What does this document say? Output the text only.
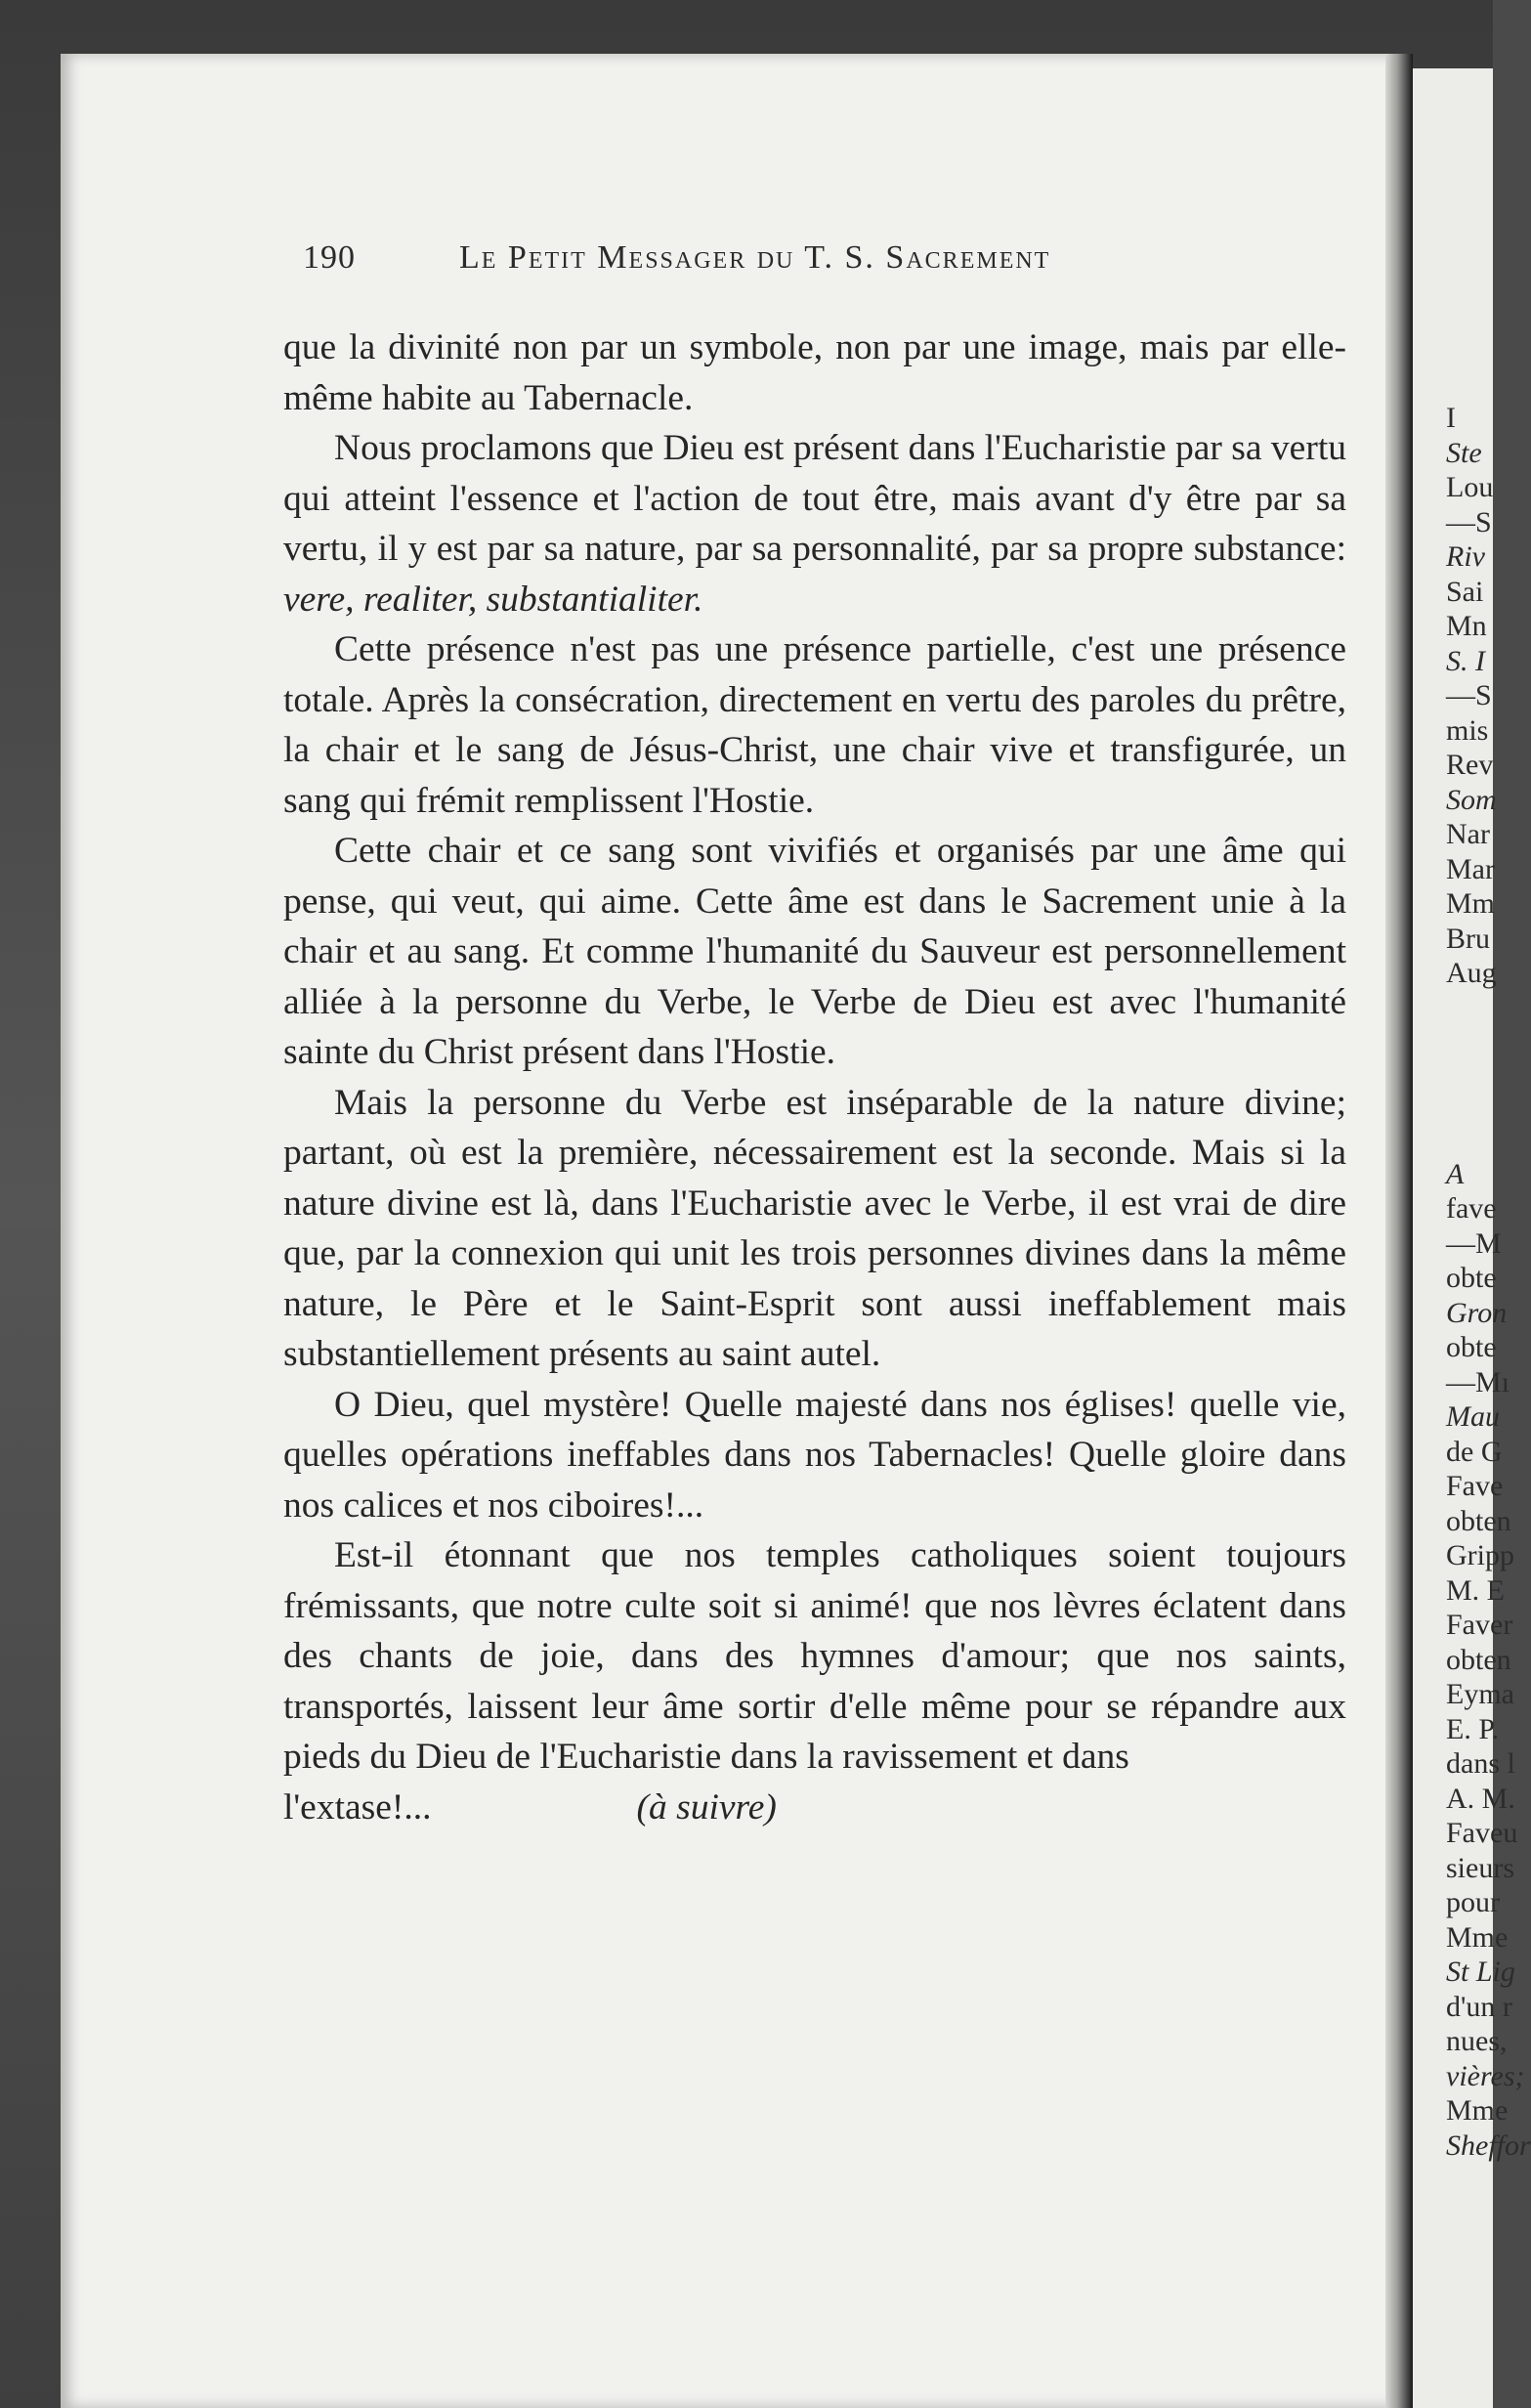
190	Le Petit Messager du T. S. Sacrement

que la divinité non par un symbole, non par une image, mais par elle-même habite au Tabernacle.

Nous proclamons que Dieu est présent dans l'Eucharistie par sa vertu qui atteint l'essence et l'action de tout être, mais avant d'y être par sa vertu, il y est par sa nature, par sa personnalité, par sa propre substance: vere, realiter, substantialiter.

Cette présence n'est pas une présence partielle, c'est une présence totale. Après la consécration, directement en vertu des paroles du prêtre, la chair et le sang de Jésus-Christ, une chair vive et transfigurée, un sang qui frémit remplissent l'Hostie.

Cette chair et ce sang sont vivifiés et organisés par une âme qui pense, qui veut, qui aime. Cette âme est dans le Sacrement unie à la chair et au sang. Et comme l'humanité du Sauveur est personnellement alliée à la personne du Verbe, le Verbe de Dieu est avec l'humanité sainte du Christ présent dans l'Hostie.

Mais la personne du Verbe est inséparable de la nature divine; partant, où est la première, nécessairement est la seconde. Mais si la nature divine est là, dans l'Eucharistie avec le Verbe, il est vrai de dire que, par la connexion qui unit les trois personnes divines dans la même nature, le Père et le Saint-Esprit sont aussi ineffablement mais substantiellement présents au saint autel.

O Dieu, quel mystère! Quelle majesté dans nos églises! quelle vie, quelles opérations ineffables dans nos Tabernacles! Quelle gloire dans nos calices et nos ciboires!...

Est-il étonnant que nos temples catholiques soient toujours frémissants, que notre culte soit si animé! que nos lèvres éclatent dans des chants de joie, dans des hymnes d'amour; que nos saints, transportés, laissent leur âme sortir d'elle même pour se répandre aux pieds du Dieu de l'Eucharistie dans la ravissement et dans

l'extase!...	(à suivre)
I
Ste
Lou
—S
Riv
Sai
Mn
S. I
—S
mis
Rev
Som
Nar
Mar
Mm
Bru
Aug
A
fave
—M
obte
Gron
obte
—Mı
Mau
de G
Fave
obten
Gripp
M. E
Faver
obten
Eyma
E. P.
dans l
A. M.
Faveu
sieurs
pour
Mme
St Lig
d'un r
nues,
vières;
Mme
Sheffor
